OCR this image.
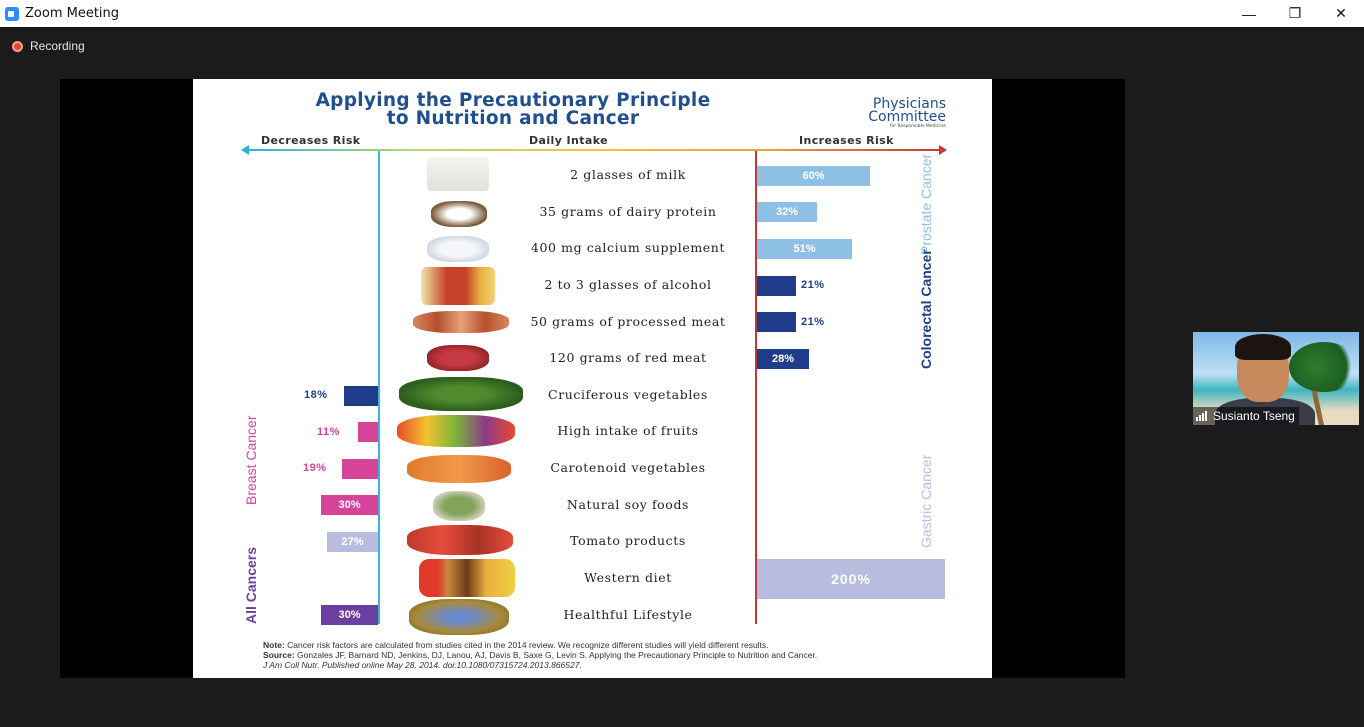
Zoom Meeting	—	❐	✕
Recording
Applying the Precautionary Principle
to Nutrition and Cancer
Physicians
Committee
for Responsible Medicine
Decreases Risk	Daily Intake	Increases Risk
2 glasses of milk
35 grams of dairy protein
400 mg calcium supplement
2 to 3 glasses of alcohol
50 grams of processed meat
120 grams of red meat
Cruciferous vegetables
High intake of fruits
Carotenoid vegetables
Natural soy foods
Tomato products
Western diet
Healthful Lifestyle
60%
32%
51%
21%
21%
28%
200%
18%
11%
19%
30%
27%
30%
Prostate Cancer
Colorectal Cancer
Gastric Cancer
Breast Cancer
All Cancers
Note: Cancer risk factors are calculated from studies cited in the 2014 review. We recognize different studies will yield different results.
Source: Gonzales JF, Barnard ND, Jenkins, DJ, Lanou, AJ, Davis B, Saxe G, Levin S. Applying the Precautionary Principle to Nutrition and Cancer.
J Am Coll Nutr. Published online May 28, 2014. doi:10.1080/07315724.2013.866527.
Susianto Tseng
